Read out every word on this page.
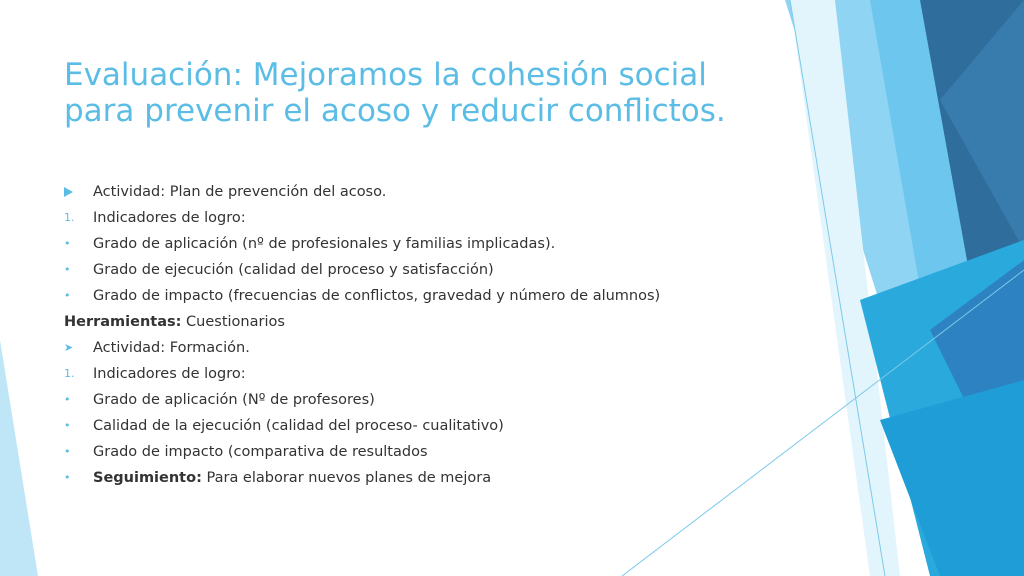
Evaluación: Mejoramos la cohesión social
para prevenir el acoso y reducir conflictos.
Actividad: Plan de prevención del acoso.
1.	Indicadores de logro:
•	Grado de aplicación (nº de profesionales y familias implicadas).
•	Grado de ejecución (calidad del proceso y satisfacción)
•	Grado de impacto (frecuencias de conflictos, gravedad y número de alumnos)
Herramientas: Cuestionarios
➤	Actividad: Formación.
1.	Indicadores de logro:
•	Grado de aplicación (Nº de profesores)
•	Calidad de la ejecución (calidad del proceso- cualitativo)
•	Grado de impacto (comparativa de resultados
•	Seguimiento: Para elaborar nuevos planes de mejora
